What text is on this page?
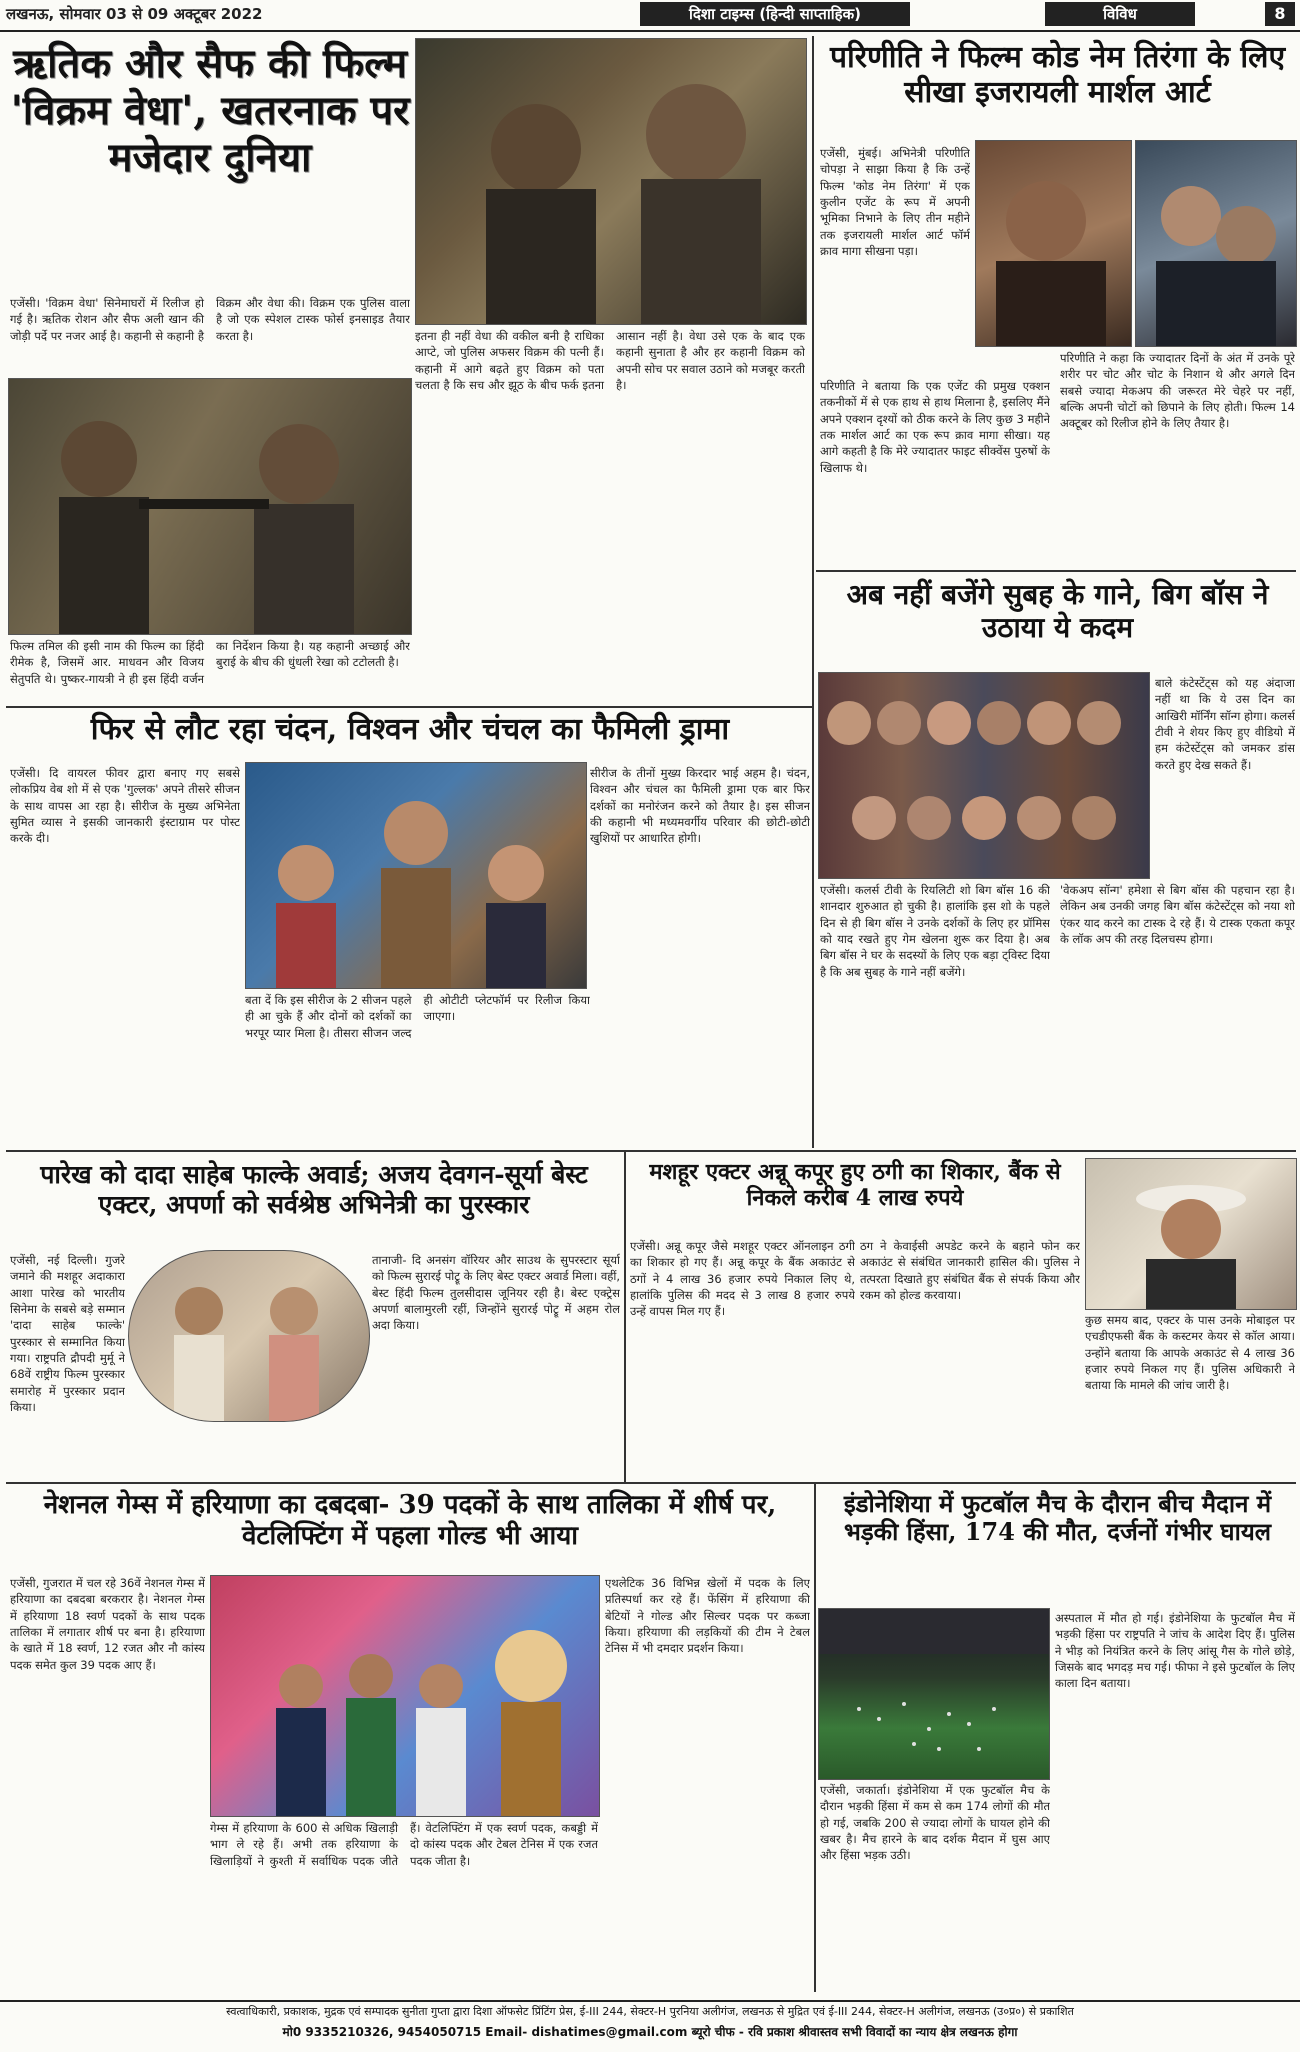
लखनऊ, सोमवार 03 से 09 अक्टूबर 2022	दिशा टाइम्स (हिन्दी साप्ताहिक)	विविध	8
ऋतिक और सैफ की फिल्म 'विक्रम वेधा', खतरनाक पर मजेदार दुनिया
एजेंसी। 'विक्रम वेधा' सिनेमाघरों में रिलीज हो गई है। ऋतिक रोशन और सैफ अली खान की जोड़ी पर्दे पर नजर आई है। कहानी से कहानी है विक्रम और वेधा की। विक्रम एक पुलिस वाला है जो एक स्पेशल टास्क फोर्स इनसाइड तैयार करता है।
फिल्म तमिल की इसी नाम की फिल्म का हिंदी रीमेक है, जिसमें आर. माधवन और विजय सेतुपति थे। पुष्कर-गायत्री ने ही इस हिंदी वर्जन का निर्देशन किया है। यह कहानी अच्छाई और बुराई के बीच की धुंधली रेखा को टटोलती है।
इतना ही नहीं वेधा की वकील बनी है राधिका आप्टे, जो पुलिस अफसर विक्रम की पत्नी हैं। कहानी में आगे बढ़ते हुए विक्रम को पता चलता है कि सच और झूठ के बीच फर्क इतना आसान नहीं है। वेधा उसे एक के बाद एक कहानी सुनाता है और हर कहानी विक्रम को अपनी सोच पर सवाल उठाने को मजबूर करती है।
परिणीति ने फिल्म कोड नेम तिरंगा के लिए सीखा इजरायली मार्शल आर्ट
एजेंसी, मुंबई। अभिनेत्री परिणीति चोपड़ा ने साझा किया है कि उन्हें फिल्म 'कोड नेम तिरंगा' में एक कुलीन एजेंट के रूप में अपनी भूमिका निभाने के लिए तीन महीने तक इजरायली मार्शल आर्ट फॉर्म क्राव मागा सीखना पड़ा।
परिणीति ने बताया कि एक एजेंट की प्रमुख एक्शन तकनीकों में से एक हाथ से हाथ मिलाना है, इसलिए मैंने अपने एक्शन दृश्यों को ठीक करने के लिए कुछ 3 महीने तक मार्शल आर्ट का एक रूप क्राव मागा सीखा। यह आगे कहती है कि मेरे ज्यादातर फाइट सीक्वेंस पुरुषों के खिलाफ थे।
परिणीति ने कहा कि ज्यादातर दिनों के अंत में उनके पूरे शरीर पर चोट और चोट के निशान थे और अगले दिन सबसे ज्यादा मेकअप की जरूरत मेरे चेहरे पर नहीं, बल्कि अपनी चोटों को छिपाने के लिए होती। फिल्म 14 अक्टूबर को रिलीज होने के लिए तैयार है।
अब नहीं बजेंगे सुबह के गाने, बिग बॉस ने उठाया ये कदम
बाले कंटेस्टेंट्स को यह अंदाजा नहीं था कि ये उस दिन का आखिरी मॉर्निंग सॉन्ग होगा। कलर्स टीवी ने शेयर किए हुए वीडियो में हम कंटेस्टेंट्स को जमकर डांस करते हुए देख सकते हैं।
एजेंसी। कलर्स टीवी के रियलिटी शो बिग बॉस 16 की शानदार शुरुआत हो चुकी है। हालांकि इस शो के पहले दिन से ही बिग बॉस ने उनके दर्शकों के लिए हर प्रॉमिस को याद रखते हुए गेम खेलना शुरू कर दिया है। अब बिग बॉस ने घर के सदस्यों के लिए एक बड़ा ट्विस्ट दिया है कि अब सुबह के गाने नहीं बजेंगे।
'वेकअप सॉन्ग' हमेशा से बिग बॉस की पहचान रहा है। लेकिन अब उनकी जगह बिग बॉस कंटेस्टेंट्स को नया शो एंकर याद करने का टास्क दे रहे हैं। ये टास्क एकता कपूर के लॉक अप की तरह दिलचस्प होगा।
फिर से लौट रहा चंदन, विश्वन और चंचल का फैमिली ड्रामा
एजेंसी। दि वायरल फीवर द्वारा बनाए गए सबसे लोकप्रिय वेब शो में से एक 'गुल्लक' अपने तीसरे सीजन के साथ वापस आ रहा है। सीरीज के मुख्य अभिनेता सुमित व्यास ने इसकी जानकारी इंस्टाग्राम पर पोस्ट करके दी।
सीरीज के तीनों मुख्य किरदार भाई अहम है। चंदन, विश्वन और चंचल का फैमिली ड्रामा एक बार फिर दर्शकों का मनोरंजन करने को तैयार है। इस सीजन की कहानी भी मध्यमवर्गीय परिवार की छोटी-छोटी खुशियों पर आधारित होगी।
बता दें कि इस सीरीज के 2 सीजन पहले ही आ चुके हैं और दोनों को दर्शकों का भरपूर प्यार मिला है। तीसरा सीजन जल्द ही ओटीटी प्लेटफॉर्म पर रिलीज किया जाएगा।
पारेख को दादा साहेब फाल्के अवार्ड; अजय देवगन-सूर्या बेस्ट एक्टर, अपर्णा को सर्वश्रेष्ठ अभिनेत्री का पुरस्कार
एजेंसी, नई दिल्ली। गुजरे जमाने की मशहूर अदाकारा आशा पारेख को भारतीय सिनेमा के सबसे बड़े सम्मान 'दादा साहेब फाल्के' पुरस्कार से सम्मानित किया गया। राष्ट्रपति द्रौपदी मुर्मू ने 68वें राष्ट्रीय फिल्म पुरस्कार समारोह में पुरस्कार प्रदान किया।
तानाजी- दि अनसंग वॉरियर और साउथ के सुपरस्टार सूर्या को फिल्म सुरारई पोट्रू के लिए बेस्ट एक्टर अवार्ड मिला। वहीं, बेस्ट हिंदी फिल्म तुलसीदास जूनियर रही है। बेस्ट एक्ट्रेस अपर्णा बालामुरली रहीं, जिन्होंने सुरारई पोट्रू में अहम रोल अदा किया।
मशहूर एक्टर अन्नू कपूर हुए ठगी का शिकार, बैंक से निकले करीब 4 लाख रुपये
एजेंसी। अन्नू कपूर जैसे मशहूर एक्टर ऑनलाइन ठगी का शिकार हो गए हैं। अन्नू कपूर के बैंक अकाउंट से ठगों ने 4 लाख 36 हजार रुपये निकाल लिए थे, हालांकि पुलिस की मदद से 3 लाख 8 हजार रुपये उन्हें वापस मिल गए हैं।
ठग ने केवाईसी अपडेट करने के बहाने फोन कर अकाउंट से संबंधित जानकारी हासिल की। पुलिस ने तत्परता दिखाते हुए संबंधित बैंक से संपर्क किया और रकम को होल्ड करवाया।
कुछ समय बाद, एक्टर के पास उनके मोबाइल पर एचडीएफसी बैंक के कस्टमर केयर से कॉल आया। उन्होंने बताया कि आपके अकाउंट से 4 लाख 36 हजार रुपये निकल गए हैं। पुलिस अधिकारी ने बताया कि मामले की जांच जारी है।
नेशनल गेम्स में हरियाणा का दबदबा- 39 पदकों के साथ तालिका में शीर्ष पर, वेटलिफ्टिंग में पहला गोल्ड भी आया
एजेंसी, गुजरात में चल रहे 36वें नेशनल गेम्स में हरियाणा का दबदबा बरकरार है। नेशनल गेम्स में हरियाणा 18 स्वर्ण पदकों के साथ पदक तालिका में लगातार शीर्ष पर बना है। हरियाणा के खाते में 18 स्वर्ण, 12 रजत और नौ कांस्य पदक समेत कुल 39 पदक आए हैं।
गेम्स में हरियाणा के 600 से अधिक खिलाड़ी भाग ले रहे हैं। अभी तक हरियाणा के खिलाड़ियों ने कुश्ती में सर्वाधिक पदक जीते हैं। वेटलिफ्टिंग में एक स्वर्ण पदक, कबड्डी में दो कांस्य पदक और टेबल टेनिस में एक रजत पदक जीता है।
एथलेटिक 36 विभिन्न खेलों में पदक के लिए प्रतिस्पर्धा कर रहे हैं। फेंसिंग में हरियाणा की बेटियों ने गोल्ड और सिल्वर पदक पर कब्जा किया। हरियाणा की लड़कियों की टीम ने टेबल टेनिस में भी दमदार प्रदर्शन किया।
इंडोनेशिया में फुटबॉल मैच के दौरान बीच मैदान में भड़की हिंसा, 174 की मौत, दर्जनों गंभीर घायल
अस्पताल में मौत हो गई। इंडोनेशिया के फुटबॉल मैच में भड़की हिंसा पर राष्ट्रपति ने जांच के आदेश दिए हैं। पुलिस ने भीड़ को नियंत्रित करने के लिए आंसू गैस के गोले छोड़े, जिसके बाद भगदड़ मच गई। फीफा ने इसे फुटबॉल के लिए काला दिन बताया।
एजेंसी, जकार्ता। इंडोनेशिया में एक फुटबॉल मैच के दौरान भड़की हिंसा में कम से कम 174 लोगों की मौत हो गई, जबकि 200 से ज्यादा लोगों के घायल होने की खबर है। मैच हारने के बाद दर्शक मैदान में घुस आए और हिंसा भड़क उठी।
स्वत्वाधिकारी, प्रकाशक, मुद्रक एवं सम्पादक सुनीता गुप्ता द्वारा दिशा ऑफसेट प्रिंटिंग प्रेस, ई-III 244, सेक्टर-H पुरनिया अलीगंज, लखनऊ से मुद्रित एवं ई-III 244, सेक्टर-H अलीगंज, लखनऊ (उ०प्र०) से प्रकाशित
मो0 9335210326, 9454050715 Email- dishatimes@gmail.com ब्यूरो चीफ - रवि प्रकाश श्रीवास्तव सभी विवादों का न्याय क्षेत्र लखनऊ होगा
